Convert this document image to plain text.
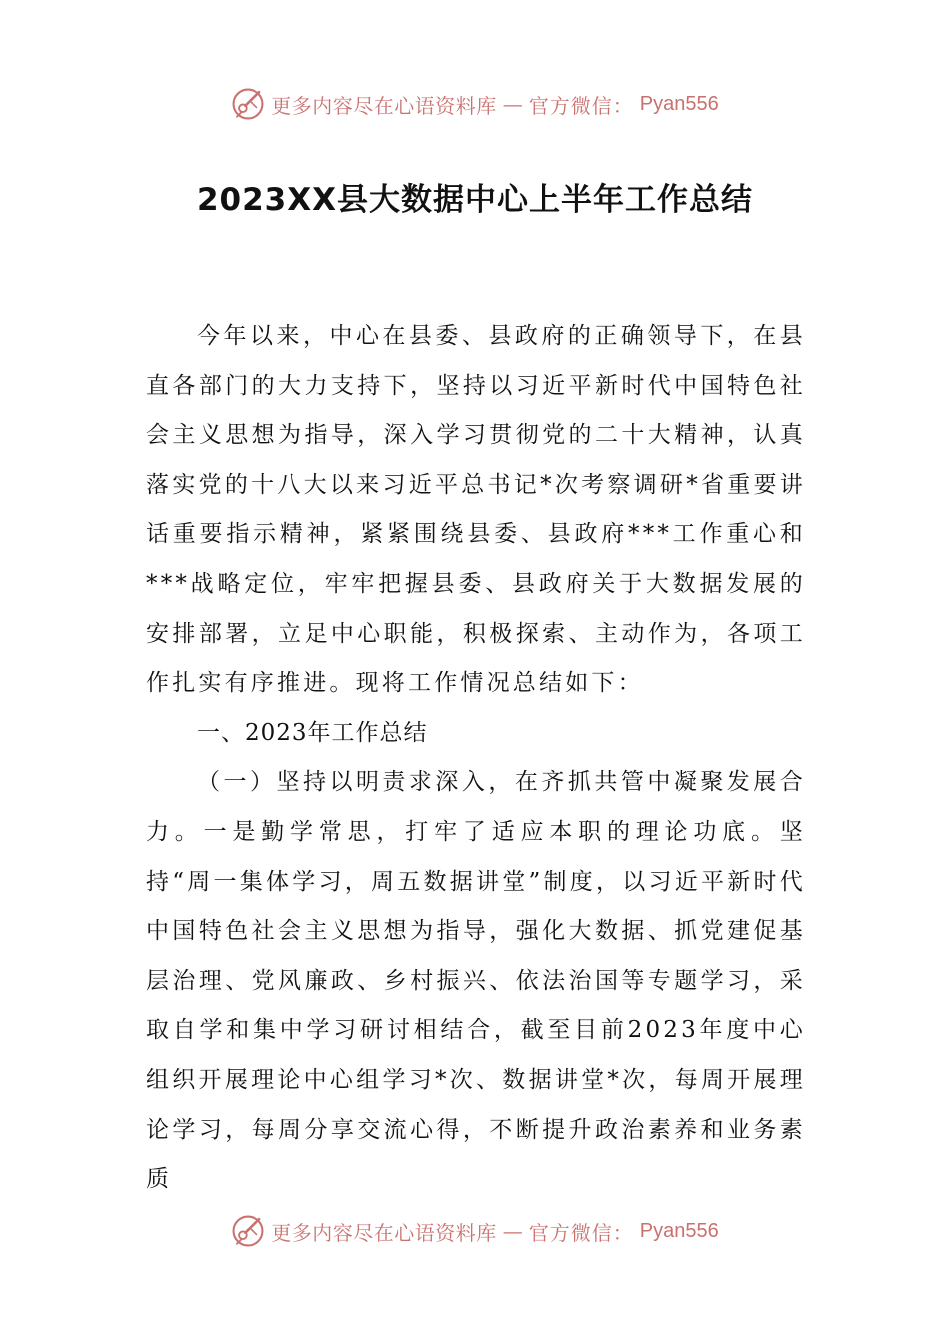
更多内容尽在心语资料库 — 官方微信： Pyan556
2023XX县大数据中心上半年工作总结

今年以来，中心在县委、县政府的正确领导下，在县直各部门的大力支持下，坚持以习近平新时代中国特色社会主义思想为指导，深入学习贯彻党的二十大精神，认真落实党的十八大以来习近平总书记*次考察调研*省重要讲话重要指示精神，紧紧围绕县委、县政府***工作重心和***战略定位，牢牢把握县委、县政府关于大数据发展的安排部署，立足中心职能，积极探索、主动作为，各项工作扎实有序推进。现将工作情况总结如下：

一、2023年工作总结

（一）坚持以明责求深入，在齐抓共管中凝聚发展合力。一是勤学常思，打牢了适应本职的理论功底。坚持“周一集体学习，周五数据讲堂”制度，以习近平新时代中国特色社会主义思想为指导，强化大数据、抓党建促基层治理、党风廉政、乡村振兴、依法治国等专题学习，采取自学和集中学习研讨相结合，截至目前2023年度中心组织开展理论中心组学习*次、数据讲堂*次，每周开展理论学习，每周分享交流心得，不断提升政治素养和业务素质

更多内容尽在心语资料库 — 官方微信： Pyan556
